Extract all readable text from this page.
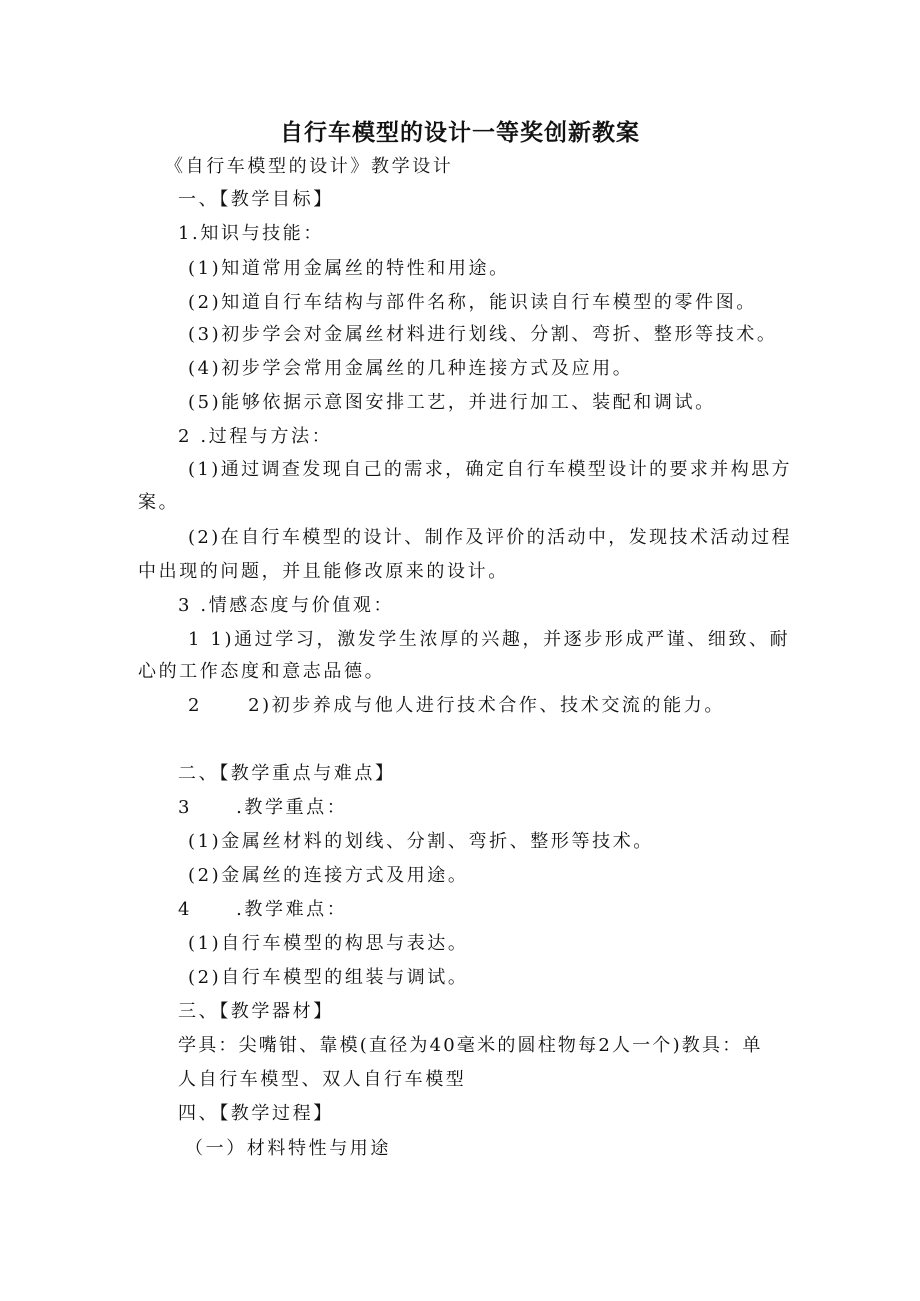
自行车模型的设计一等奖创新教案
《自行车模型的设计》教学设计
一、【教学目标】
1.知识与技能：
(1)知道常用金属丝的特性和用途。
(2)知道自行车结构与部件名称，能识读自行车模型的零件图。
(3)初步学会对金属丝材料进行划线、分割、弯折、整形等技术。
(4)初步学会常用金属丝的几种连接方式及应用。
(5)能够依据示意图安排工艺，并进行加工、装配和调试。
2 .过程与方法：
(1)通过调查发现自己的需求，确定自行车模型设计的要求并构思方
案。
(2)在自行车模型的设计、制作及评价的活动中，发现技术活动过程
中出现的问题，并且能修改原来的设计。
3 .情感态度与价值观：
1 1)通过学习，激发学生浓厚的兴趣，并逐步形成严谨、细致、耐
心的工作态度和意志品德。
2	2)初步养成与他人进行技术合作、技术交流的能力。
二、【教学重点与难点】
3 .教学重点：
(1)金属丝材料的划线、分割、弯折、整形等技术。
(2)金属丝的连接方式及用途。
4 .教学难点：
(1)自行车模型的构思与表达。
(2)自行车模型的组装与调试。
三、【教学器材】
学具：尖嘴钳、靠模(直径为40毫米的圆柱物每2人一个)教具：单
人自行车模型、双人自行车模型
四、【教学过程】
（一）材料特性与用途
